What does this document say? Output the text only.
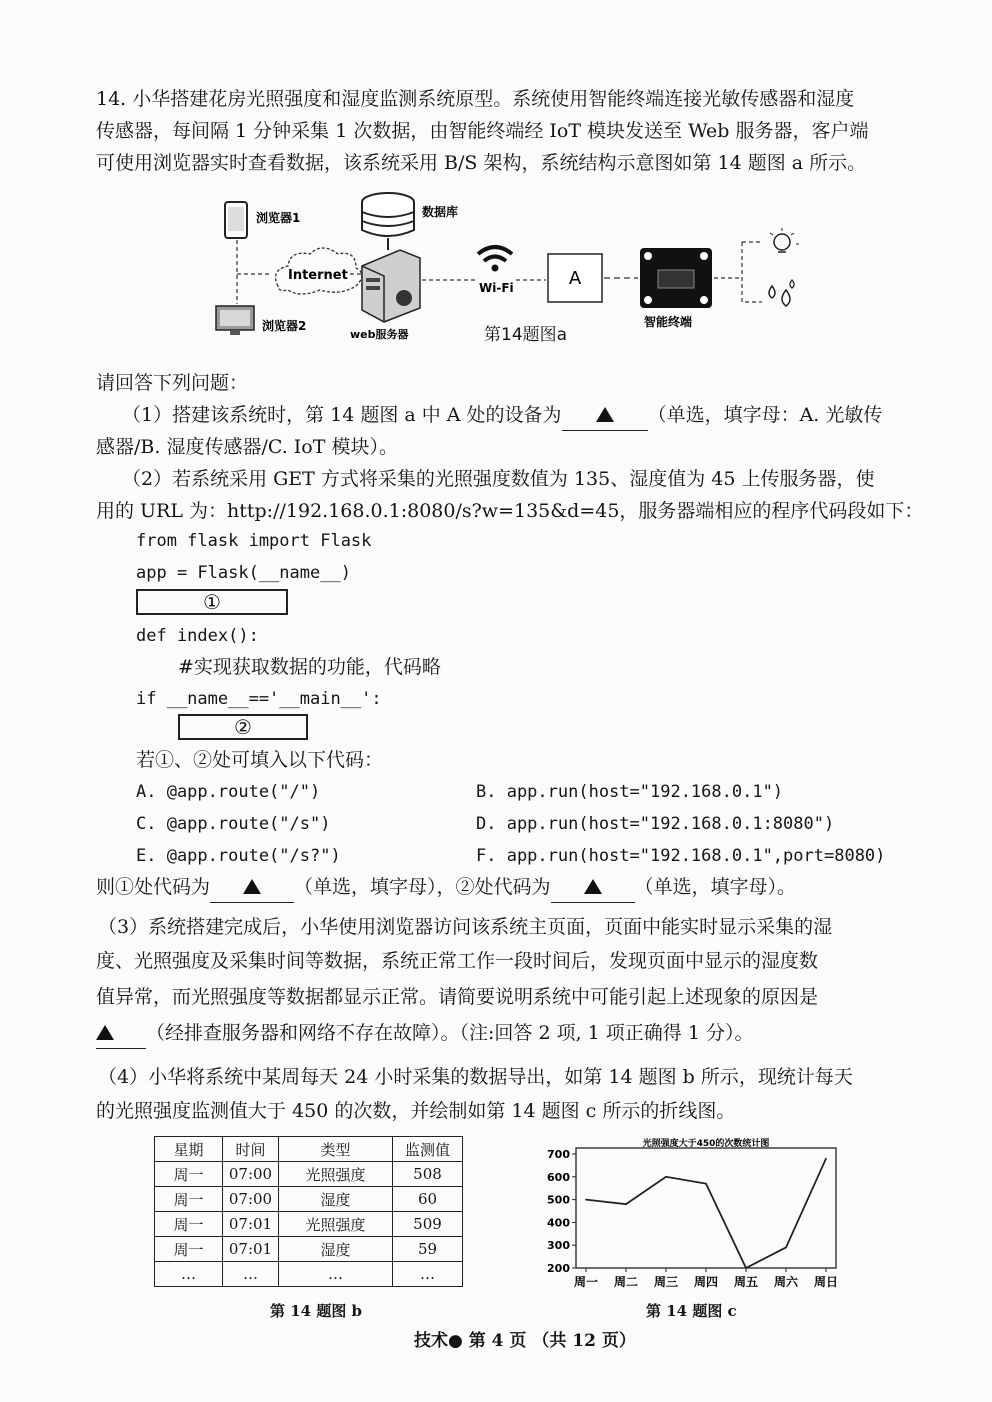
14. 小华搭建花房光照强度和湿度监测系统原型。系统使用智能终端连接光敏传感器和湿度
传感器，每间隔 1 分钟采集 1 次数据，由智能终端经 IoT 模块发送至 Web 服务器，客户端
可使用浏览器实时查看数据，该系统采用 B/S 架构，系统结构示意图如第 14 题图 a 所示。
浏览器1
浏览器2
Internet
数据库
web服务器
Wi-Fi	A
智能终端
第14题图a
请回答下列问题：
（1）搭建该系统时，第 14 题图 a 中 A 处的设备为	（单选，填字母：A. 光敏传
感器/B. 湿度传感器/C. IoT 模块）。
（2）若系统采用 GET 方式将采集的光照强度数值为 135、湿度值为 45 上传服务器，使
用的 URL 为：http://192.168.0.1:8080/s?w=135&d=45，服务器端相应的程序代码段如下：
from flask import Flask
app = Flask(__name__)
①
def index():
#实现获取数据的功能，代码略
if __name__=='__main__':
②
若①、②处可填入以下代码：
A. @app.route("/")	B. app.run(host="192.168.0.1")
C. @app.route("/s")	D. app.run(host="192.168.0.1:8080")
E. @app.route("/s?")	F. app.run(host="192.168.0.1",port=8080)
则①处代码为	（单选，填字母），②处代码为	（单选，填字母）。
（3）系统搭建完成后，小华使用浏览器访问该系统主页面，页面中能实时显示采集的湿
度、光照强度及采集时间等数据，系统正常工作一段时间后，发现页面中显示的湿度数
值异常，而光照强度等数据都显示正常。请简要说明系统中可能引起上述现象的原因是
（经排查服务器和网络不存在故障）。（注:回答 2 项, 1 项正确得 1 分）。
（4）小华将系统中某周每天 24 小时采集的数据导出，如第 14 题图 b 所示，现统计每天
的光照强度监测值大于 450 的次数，并绘制如第 14 题图 c 所示的折线图。
星期	时间	类型	监测值
周一	07:00	光照强度	508
周一	07:00	湿度	60
周一	07:01	光照强度	509
周一	07:01	湿度	59
…	…	…	…
第 14 题图 b
光照强度大于450的次数统计图
200
300
400
500
600
700
周一 周二 周三 周四 周五 周六 周日
第 14 题图 c
技术● 第 4 页 （共 12 页）
